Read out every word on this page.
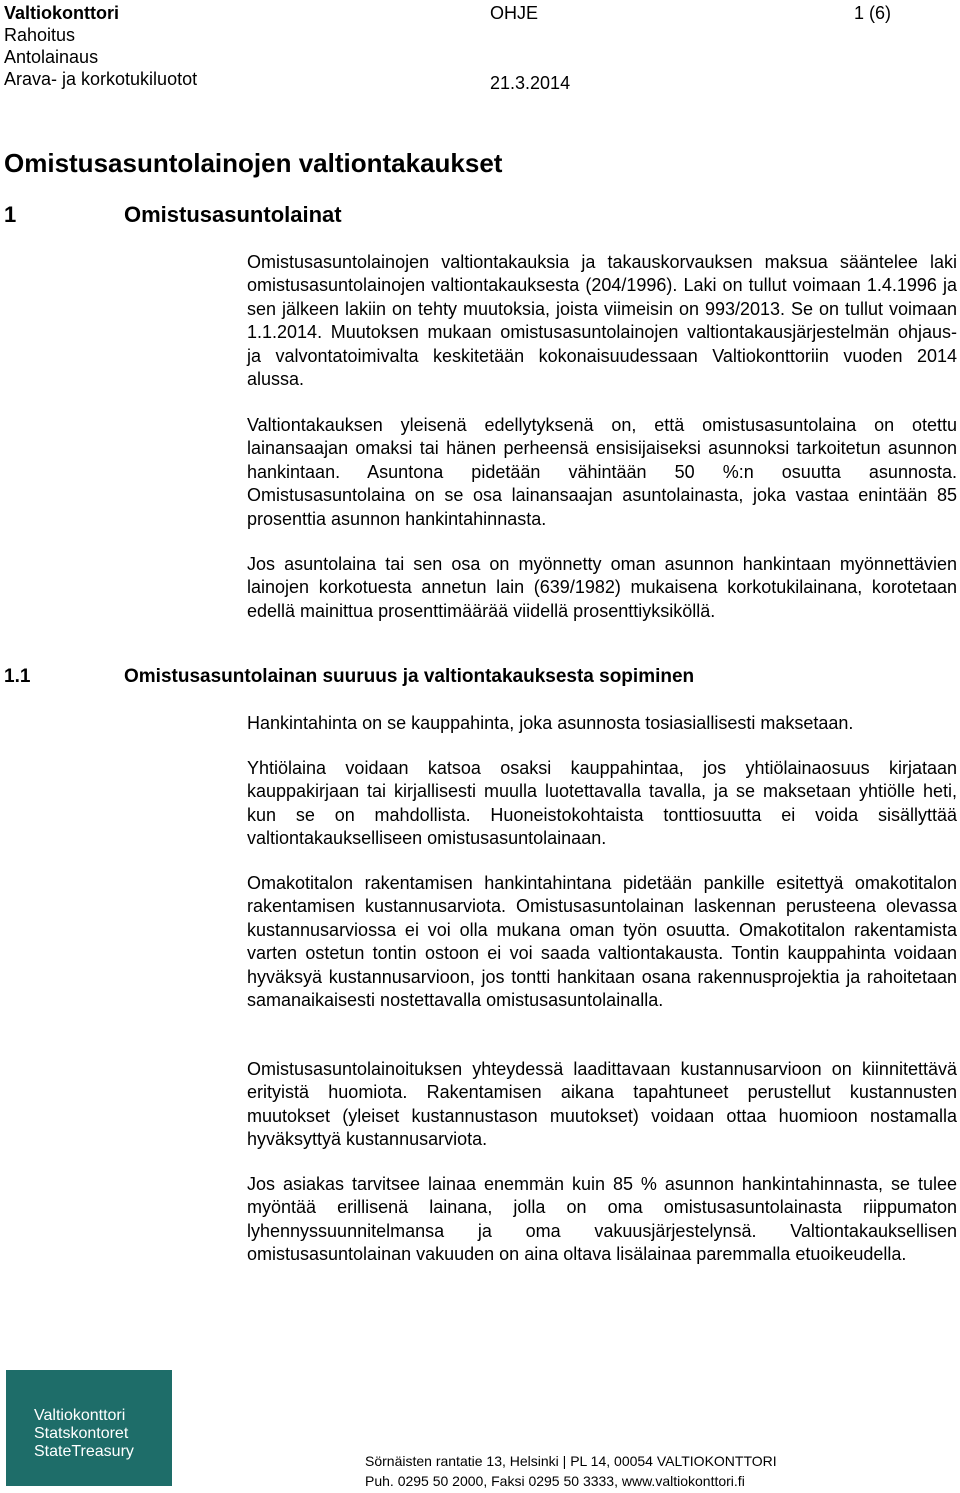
Valtiokonttori
Rahoitus
Antolainaus
Arava- ja korkotukiluotot
OHJE	1 (6)
21.3.2014
Omistusasuntolainojen valtiontakaukset
1	Omistusasuntolainat

Omistusasuntolainojen valtiontakauksia ja takauskorvauksen maksua sääntelee laki omistusasuntolainojen valtiontakauksesta (204/1996). Laki on tullut voimaan 1.4.1996 ja sen jälkeen lakiin on tehty muutoksia, joista viimeisin on 993/2013. Se on tullut voimaan 1.1.2014. Muutoksen mukaan omistusasuntolainojen valtiontakausjärjestelmän ohjaus- ja valvontatoimivalta keskitetään kokonaisuudessaan Valtiokonttoriin vuoden 2014 alussa.

Valtiontakauksen yleisenä edellytyksenä on, että omistusasuntolaina on otettu lainansaajan omaksi tai hänen perheensä ensisijaiseksi asunnoksi tarkoitetun asunnon hankintaan. Asuntona pidetään vähintään 50 %:n osuutta asunnosta. Omistusasuntolaina on se osa lainansaajan asuntolainasta, joka vastaa enintään 85 prosenttia asunnon hankintahinnasta.

Jos asuntolaina tai sen osa on myönnetty oman asunnon hankintaan myönnettävien lainojen korkotuesta annetun lain (639/1982) mukaisena korkotukilainana, korotetaan edellä mainittua prosenttimäärää viidellä prosenttiyksiköllä.

1.1	Omistusasuntolainan suuruus ja valtiontakauksesta sopiminen

Hankintahinta on se kauppahinta, joka asunnosta tosiasiallisesti maksetaan.

Yhtiölaina voidaan katsoa osaksi kauppahintaa, jos yhtiölainaosuus kirjataan kauppakirjaan tai kirjallisesti muulla luotettavalla tavalla, ja se maksetaan yhtiölle heti, kun se on mahdollista. Huoneistokohtaista tonttiosuutta ei voida sisällyttää valtiontakaukselliseen omistusasuntolainaan.

Omakotitalon rakentamisen hankintahintana pidetään pankille esitettyä omakotitalon rakentamisen kustannusarviota. Omistusasuntolainan laskennan perusteena olevassa kustannusarviossa ei voi olla mukana oman työn osuutta. Omakotitalon rakentamista varten ostetun tontin ostoon ei voi saada valtiontakausta. Tontin kauppahinta voidaan hyväksyä kustannusarvioon, jos tontti hankitaan osana rakennusprojektia ja rahoitetaan samanaikaisesti nostettavalla omistusasuntolainalla.

Omistusasuntolainoituksen yhteydessä laadittavaan kustannusarvioon on kiinnitettävä erityistä huomiota. Rakentamisen aikana tapahtuneet perustellut kustannusten muutokset (yleiset kustannustason muutokset) voidaan ottaa huomioon nostamalla hyväksyttyä kustannusarviota.

Jos asiakas tarvitsee lainaa enemmän kuin 85 % asunnon hankintahinnasta, se tulee myöntää erillisenä lainana, jolla on oma omistusasuntolainasta riippumaton lyhennyssuunnitelmansa ja oma vakuusjärjestelynsä. Valtiontakauksellisen omistusasuntolainan vakuuden on aina oltava lisälainaa paremmalla etuoikeudella.

Valtiokonttori
Statskontoret
StateTreasury
Sörnäisten rantatie 13, Helsinki | PL 14, 00054 VALTIOKONTTORI
Puh. 0295 50 2000, Faksi 0295 50 3333, www.valtiokonttori.fi
